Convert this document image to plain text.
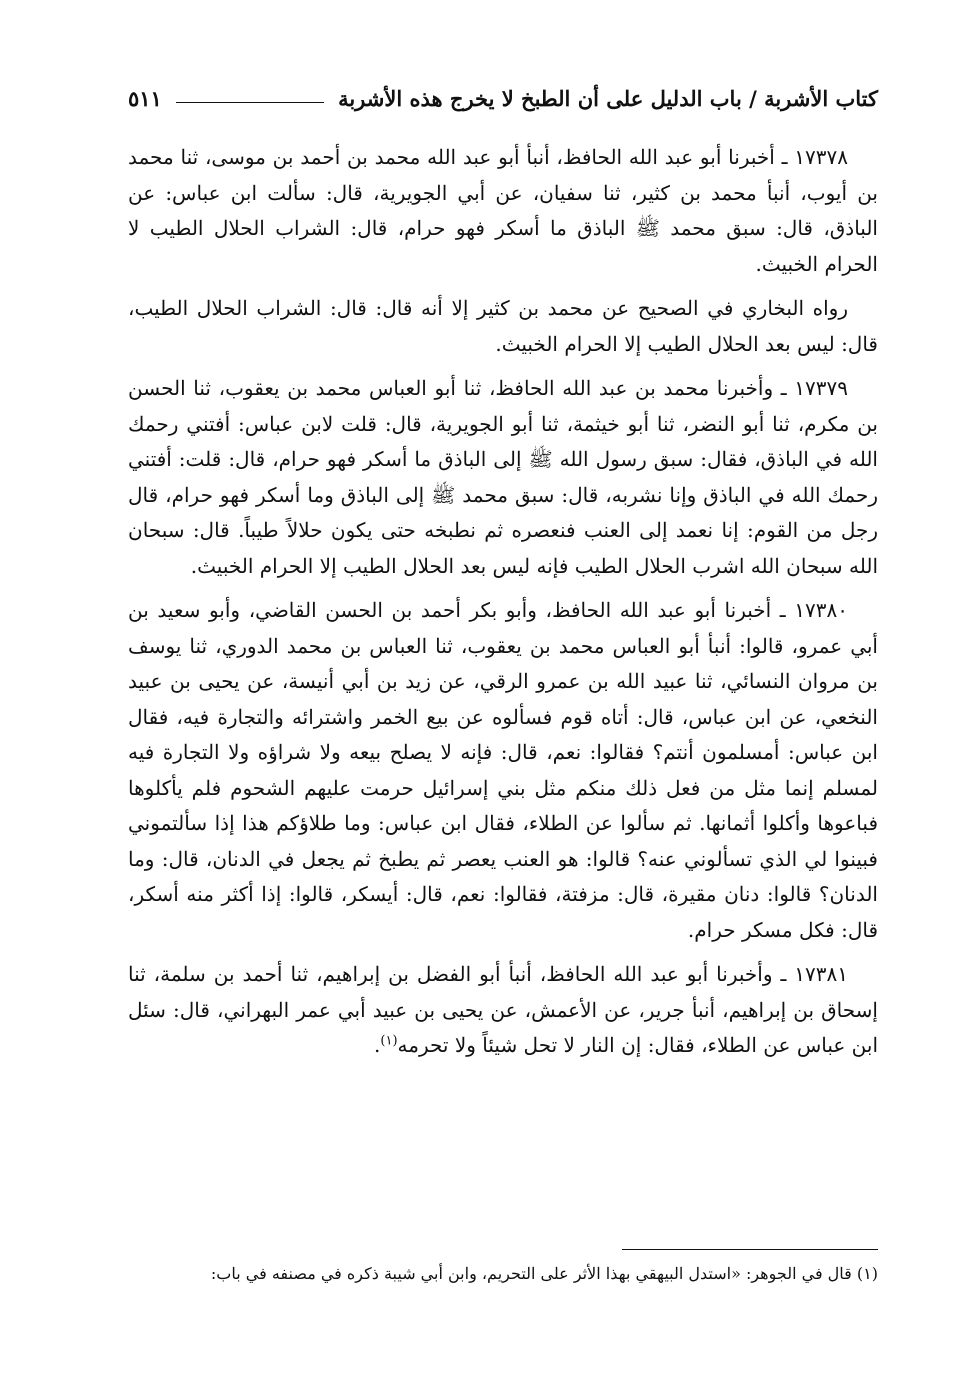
كتاب الأشربة / باب الدليل على أن الطبخ لا يخرج هذه الأشربة
٥١١

١٧٣٧٨ ـ أخبرنا أبو عبد الله الحافظ، أنبأ أبو عبد الله محمد بن أحمد بن موسى، ثنا محمد بن أيوب، أنبأ محمد بن كثير، ثنا سفيان، عن أبي الجويرية، قال: سألت ابن عباس: عن الباذق، قال: سبق محمد ﷺ الباذق ما أسكر فهو حرام، قال: الشراب الحلال الطيب لا الحرام الخبيث.

رواه البخاري في الصحيح عن محمد بن كثير إلا أنه قال: قال: الشراب الحلال الطيب، قال: ليس بعد الحلال الطيب إلا الحرام الخبيث.

١٧٣٧٩ ـ وأخبرنا محمد بن عبد الله الحافظ، ثنا أبو العباس محمد بن يعقوب، ثنا الحسن بن مكرم، ثنا أبو النضر، ثنا أبو خيثمة، ثنا أبو الجويرية، قال: قلت لابن عباس: أفتني رحمك الله في الباذق، فقال: سبق رسول الله ﷺ إلى الباذق ما أسكر فهو حرام، قال: قلت: أفتني رحمك الله في الباذق وإنا نشربه، قال: سبق محمد ﷺ إلى الباذق وما أسكر فهو حرام، قال رجل من القوم: إنا نعمد إلى العنب فنعصره ثم نطبخه حتى يكون حلالاً طيباً. قال: سبحان الله سبحان الله اشرب الحلال الطيب فإنه ليس بعد الحلال الطيب إلا الحرام الخبيث.

١٧٣٨٠ ـ أخبرنا أبو عبد الله الحافظ، وأبو بكر أحمد بن الحسن القاضي، وأبو سعيد بن أبي عمرو، قالوا: أنبأ أبو العباس محمد بن يعقوب، ثنا العباس بن محمد الدوري، ثنا يوسف بن مروان النسائي، ثنا عبيد الله بن عمرو الرقي، عن زيد بن أبي أنيسة، عن يحيى بن عبيد النخعي، عن ابن عباس، قال: أتاه قوم فسألوه عن بيع الخمر واشترائه والتجارة فيه، فقال ابن عباس: أمسلمون أنتم؟ فقالوا: نعم، قال: فإنه لا يصلح بيعه ولا شراؤه ولا التجارة فيه لمسلم إنما مثل من فعل ذلك منكم مثل بني إسرائيل حرمت عليهم الشحوم فلم يأكلوها فباعوها وأكلوا أثمانها. ثم سألوا عن الطلاء، فقال ابن عباس: وما طلاؤكم هذا إذا سألتموني فبينوا لي الذي تسألوني عنه؟ قالوا: هو العنب يعصر ثم يطبخ ثم يجعل في الدنان، قال: وما الدنان؟ قالوا: دنان مقيرة، قال: مزفتة، فقالوا: نعم، قال: أيسكر، قالوا: إذا أكثر منه أسكر، قال: فكل مسكر حرام.

١٧٣٨١ ـ وأخبرنا أبو عبد الله الحافظ، أنبأ أبو الفضل بن إبراهيم، ثنا أحمد بن سلمة، ثنا إسحاق بن إبراهيم، أنبأ جرير، عن الأعمش، عن يحيى بن عبيد أبي عمر البهراني، قال: سئل ابن عباس عن الطلاء، فقال: إن النار لا تحل شيئاً ولا تحرمه$^{(١)}$.

(١) قال في الجوهر: «استدل البيهقي بهذا الأثر على التحريم، وابن أبي شيبة ذكره في مصنفه في باب:
